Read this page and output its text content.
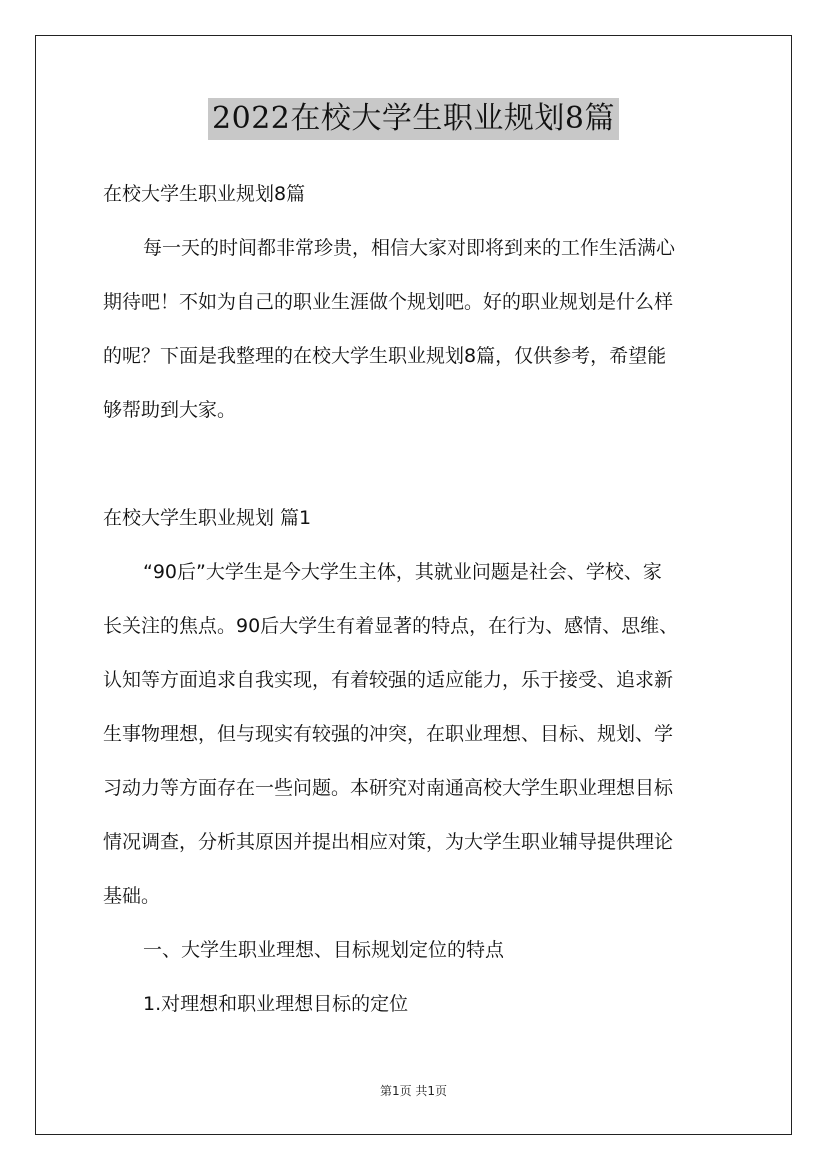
2022在校大学生职业规划8篇
在校大学生职业规划8篇
每一天的时间都非常珍贵，相信大家对即将到来的工作生活满心
期待吧！不如为自己的职业生涯做个规划吧。好的职业规划是什么样
的呢？下面是我整理的在校大学生职业规划8篇，仅供参考，希望能
够帮助到大家。
在校大学生职业规划 篇1
“90后”大学生是今大学生主体，其就业问题是社会、学校、家
长关注的焦点。90后大学生有着显著的特点，在行为、感情、思维、
认知等方面追求自我实现，有着较强的适应能力，乐于接受、追求新
生事物理想，但与现实有较强的冲突，在职业理想、目标、规划、学
习动力等方面存在一些问题。本研究对南通高校大学生职业理想目标
情况调查，分析其原因并提出相应对策，为大学生职业辅导提供理论
基础。
一、大学生职业理想、目标规划定位的特点
1.对理想和职业理想目标的定位
第1页 共1页
